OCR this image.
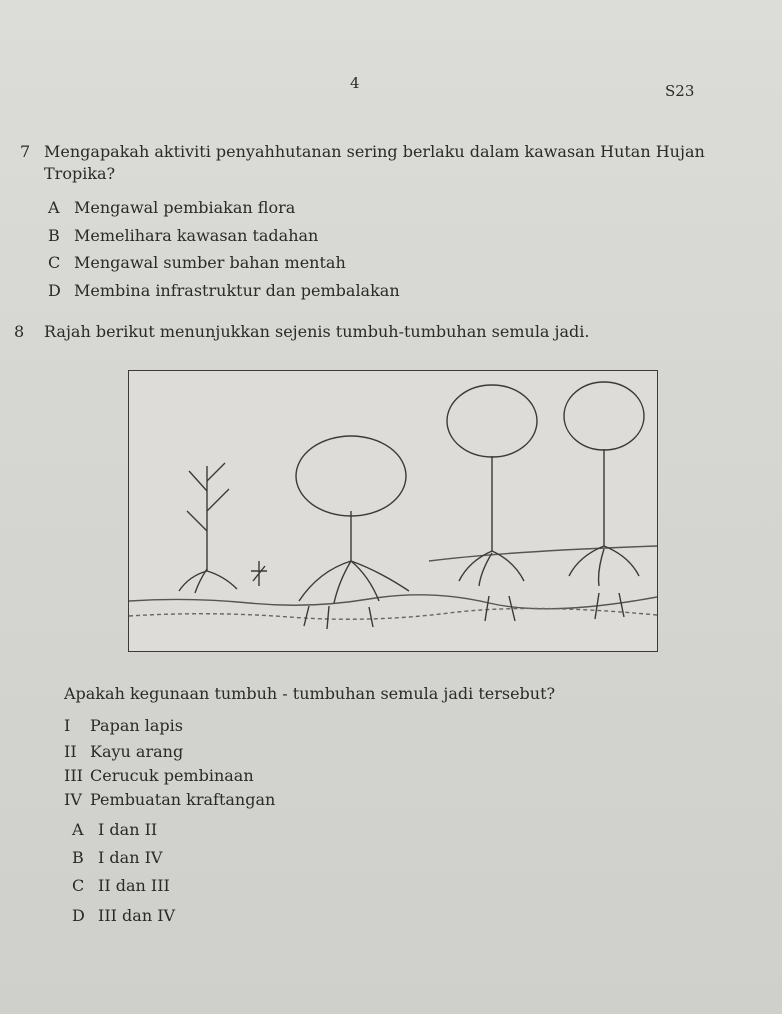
4	S23
7 Mengapakah aktiviti penyahhutanan sering berlaku dalam kawasan Hutan Hujan
Tropika?
A Mengawal pembiakan flora
B Memelihara kawasan tadahan
C Mengawal sumber bahan mentah
D Membina infrastruktur dan pembalakan
8 Rajah berikut menunjukkan sejenis tumbuh-tumbuhan semula jadi.
Apakah kegunaan tumbuh - tumbuhan semula jadi tersebut?
I Papan lapis
II Kayu arang
III Cerucuk pembinaan
IV Pembuatan kraftangan
A I dan II
B I dan IV
C II dan III
D III dan IV
